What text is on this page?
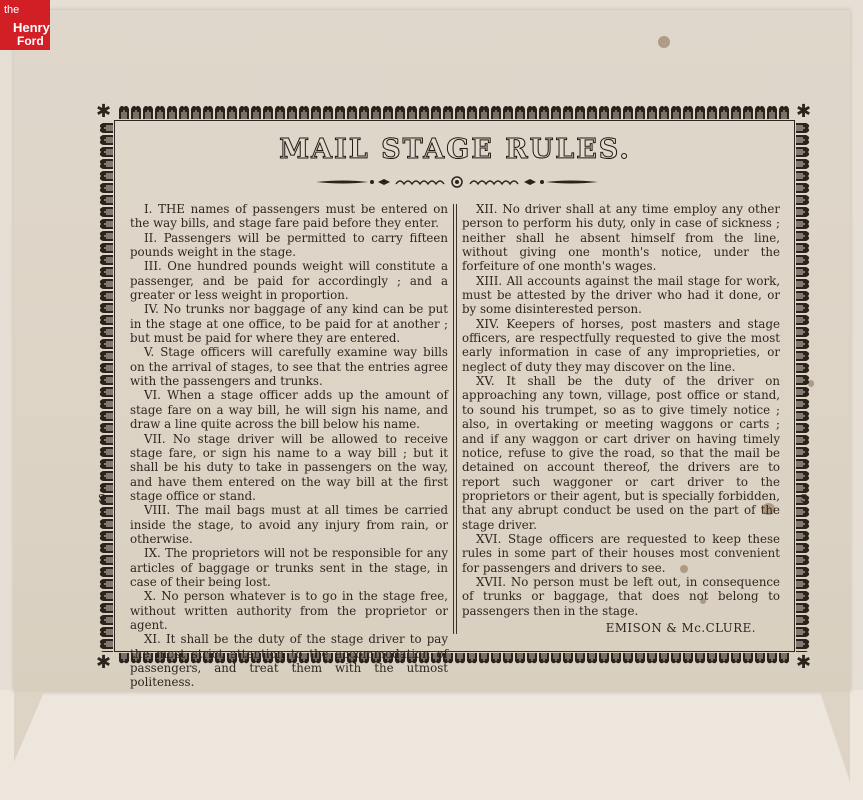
the
Henry
Ford
✱	✱
✱	✱
S	S
MAIL STAGE RULES.

I. THE names of passengers must be entered on the way bills, and stage fare paid before they enter.

II. Passengers will be permitted to carry fifteen pounds weight in the stage.

III. One hundred pounds weight will constitute a passenger, and be paid for accordingly ; and a greater or less weight in proportion.

IV. No trunks nor baggage of any kind can be put in the stage at one office, to be paid for at another ; but must be paid for where they are entered.

V. Stage officers will carefully examine way bills on the arrival of stages, to see that the entries agree with the passengers and trunks.

VI. When a stage officer adds up the amount of stage fare on a way bill, he will sign his name, and draw a line quite across the bill below his name.

VII. No stage driver will be allowed to receive stage fare, or sign his name to a way bill ; but it shall be his duty to take in passengers on the way, and have them entered on the way bill at the first stage office or stand.

VIII. The mail bags must at all times be carried inside the stage, to avoid any injury from rain, or otherwise.

IX. The proprietors will not be responsible for any articles of baggage or trunks sent in the stage, in case of their being lost.

X. No person whatever is to go in the stage free, without written authority from the proprietor or agent.

XI. It shall be the duty of the stage driver to pay the most strict attention to the accommodation of passengers, and treat them with the utmost politeness.

XII. No driver shall at any time employ any other person to perform his duty, only in case of sickness ; neither shall he absent himself from the line, without giving one month's notice, under the forfeiture of one month's wages.

XIII. All accounts against the mail stage for work, must be attested by the driver who had it done, or by some disinterested person.

XIV. Keepers of horses, post masters and stage officers, are respectfully requested to give the most early information in case of any improprieties, or neglect of duty they may discover on the line.

XV. It shall be the duty of the driver on approaching any town, village, post office or stand, to sound his trumpet, so as to give timely notice ; also, in overtaking or meeting waggons or carts ; and if any waggon or cart driver on having timely notice, refuse to give the road, so that the mail be detained on account thereof, the drivers are to report such waggoner or cart driver to the proprietors or their agent, but is specially forbidden, that any abrupt conduct be used on the part of the stage driver.

XVI. Stage officers are requested to keep these rules in some part of their houses most convenient for passengers and drivers to see.

XVII. No person must be left out, in consequence of trunks or baggage, that does not belong to passengers then in the stage.

EMISON & Mc.CLURE.
